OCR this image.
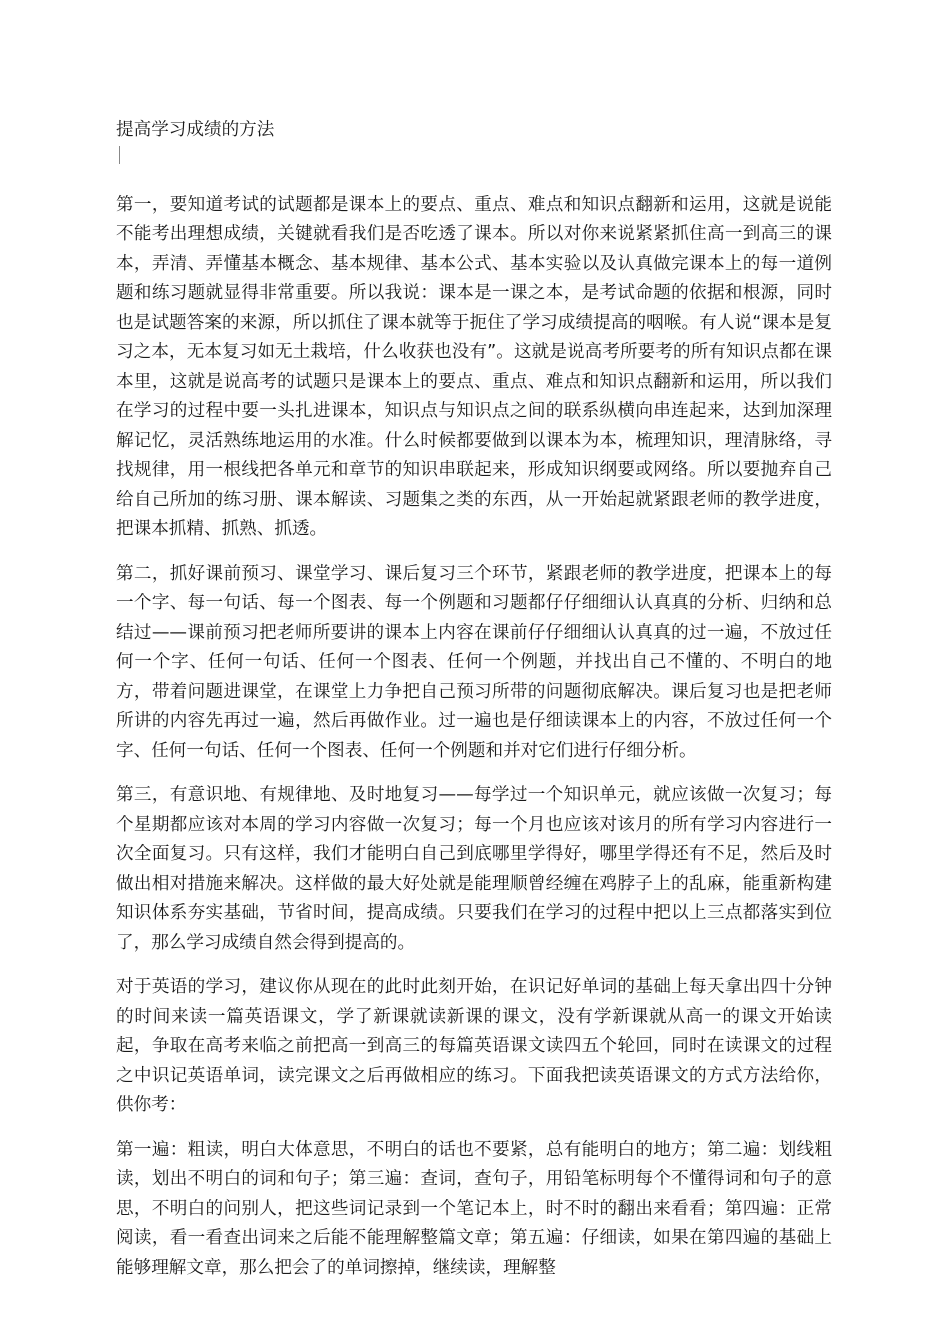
提高学习成绩的方法

第一，要知道考试的试题都是课本上的要点、重点、难点和知识点翻新和运用，这就是说能不能考出理想成绩，关键就看我们是否吃透了课本。所以对你来说紧紧抓住高一到高三的课本，弄清、弄懂基本概念、基本规律、基本公式、基本实验以及认真做完课本上的每一道例题和练习题就显得非常重要。所以我说：课本是一课之本，是考试命题的依据和根源，同时也是试题答案的来源，所以抓住了课本就等于扼住了学习成绩提高的咽喉。有人说“课本是复习之本，无本复习如无土栽培，什么收获也没有”。这就是说高考所要考的所有知识点都在课本里，这就是说高考的试题只是课本上的要点、重点、难点和知识点翻新和运用，所以我们在学习的过程中要一头扎进课本，知识点与知识点之间的联系纵横向串连起来，达到加深理解记忆，灵活熟练地运用的水准。什么时候都要做到以课本为本，梳理知识，理清脉络，寻找规律，用一根线把各单元和章节的知识串联起来，形成知识纲要或网络。所以要抛弃自己给自己所加的练习册、课本解读、习题集之类的东西，从一开始起就紧跟老师的教学进度，把课本抓精、抓熟、抓透。

第二，抓好课前预习、课堂学习、课后复习三个环节，紧跟老师的教学进度，把课本上的每一个字、每一句话、每一个图表、每一个例题和习题都仔仔细细认认真真的分析、归纳和总结过——课前预习把老师所要讲的课本上内容在课前仔仔细细认认真真的过一遍，不放过任何一个字、任何一句话、任何一个图表、任何一个例题，并找出自己不懂的、不明白的地方，带着问题进课堂，在课堂上力争把自己预习所带的问题彻底解决。课后复习也是把老师所讲的内容先再过一遍，然后再做作业。过一遍也是仔细读课本上的内容，不放过任何一个字、任何一句话、任何一个图表、任何一个例题和并对它们进行仔细分析。

第三，有意识地、有规律地、及时地复习——每学过一个知识单元，就应该做一次复习；每个星期都应该对本周的学习内容做一次复习；每一个月也应该对该月的所有学习内容进行一次全面复习。只有这样，我们才能明白自己到底哪里学得好，哪里学得还有不足，然后及时做出相对措施来解决。这样做的最大好处就是能理顺曾经缠在鸡脖子上的乱麻，能重新构建知识体系夯实基础，节省时间，提高成绩。只要我们在学习的过程中把以上三点都落实到位了，那么学习成绩自然会得到提高的。

对于英语的学习，建议你从现在的此时此刻开始，在识记好单词的基础上每天拿出四十分钟的时间来读一篇英语课文，学了新课就读新课的课文，没有学新课就从高一的课文开始读起，争取在高考来临之前把高一到高三的每篇英语课文读四五个轮回，同时在读课文的过程之中识记英语单词，读完课文之后再做相应的练习。下面我把读英语课文的方式方法给你，供你考：

第一遍：粗读，明白大体意思，不明白的话也不要紧，总有能明白的地方；第二遍：划线粗读，划出不明白的词和句子；第三遍：查词，查句子，用铅笔标明每个不懂得词和句子的意思，不明白的问别人，把这些词记录到一个笔记本上，时不时的翻出来看看；第四遍：正常阅读，看一看查出词来之后能不能理解整篇文章；第五遍：仔细读，如果在第四遍的基础上能够理解文章，那么把会了的单词擦掉，继续读，理解整
